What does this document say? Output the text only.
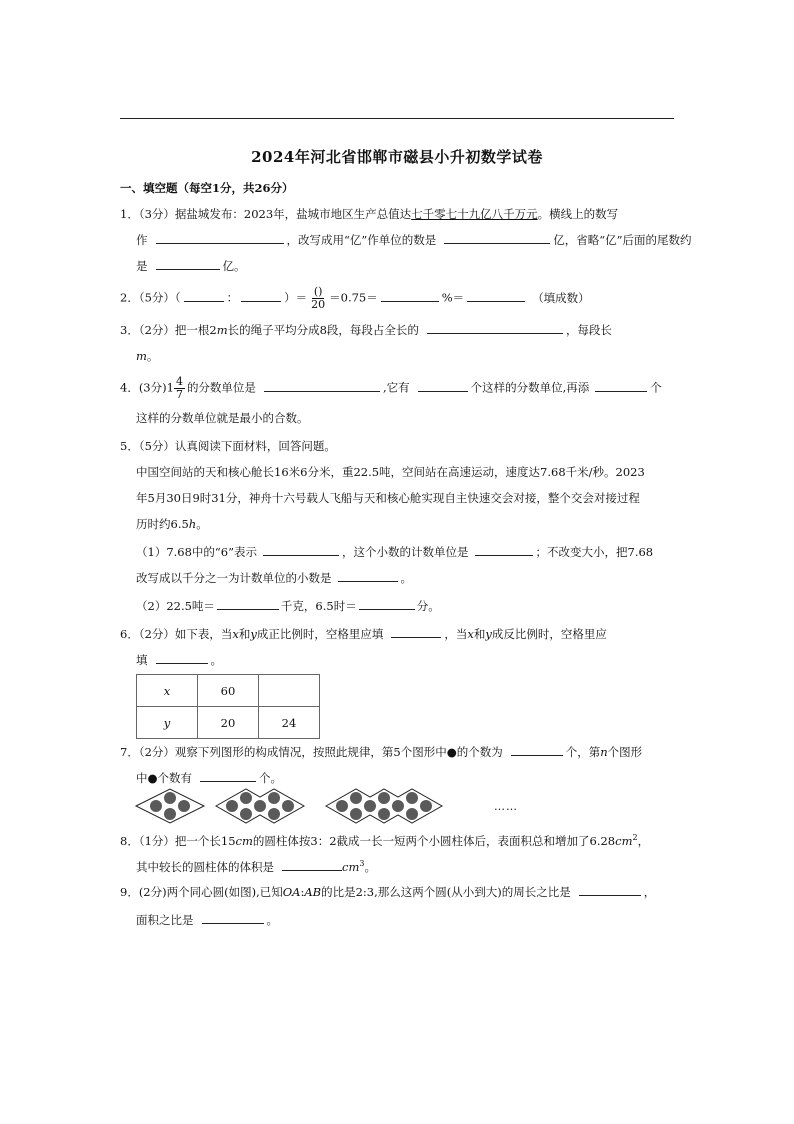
2024年河北省邯郸市磁县小升初数学试卷
一、填空题（每空1分，共26分）
1．（3分）据盐城发布：2023年，盐城市地区生产总值达七千零七十九亿八千万元。横线上的数写
作	，改写成用“亿”作单位的数是	亿，省略“亿”后面的尾数约
是	亿。
2．（5分）（	：	）＝ $\frac{()}{20} =0.75=$	%＝	（填成数）
3．（2分）把一根2m长的绳子平均分成8段，每段占全长的	，每段长
m。
4．(3分)$1 \frac{4}{7}$ 的分数单位是	,它有	个这样的分数单位,再添	个
这样的分数单位就是最小的合数。
5．（5分）认真阅读下面材料，回答问题。
中国空间站的天和核心舱长16米6分米，重22.5吨，空间站在高速运动，速度达7.68千米/秒。2023
年5月30日9时31分，神舟十六号载人飞船与天和核心舱实现自主快速交会对接，整个交会对接过程
历时约6.5h。
（1）7.68中的“6”表示	，这个小数的计数单位是	；不改变大小，把7.68
改写成以千分之一为计数单位的小数是	。
（2）22.5吨＝	千克，6.5时＝	分。
6．（2分）如下表，当x和y成正比例时，空格里应填	，当x和y成反比例时，空格里应
填	。
x	60	
y	20	24
7．（2分）观察下列图形的构成情况，按照此规律，第5个图形中●的个数为	个，第n个图形
中●个数有	个。
……
8．（1分）把一个长15cm的圆柱体按3：2截成一长一短两个小圆柱体后，表面积总和增加了$6.28cm^2$，
其中较长的圆柱体的体积是	$cm^3$。
9．(2分)两个同心圆(如图),已知OA:AB的比是2:3,那么这两个圆(从小到大)的周长之比是	，
面积之比是	。
